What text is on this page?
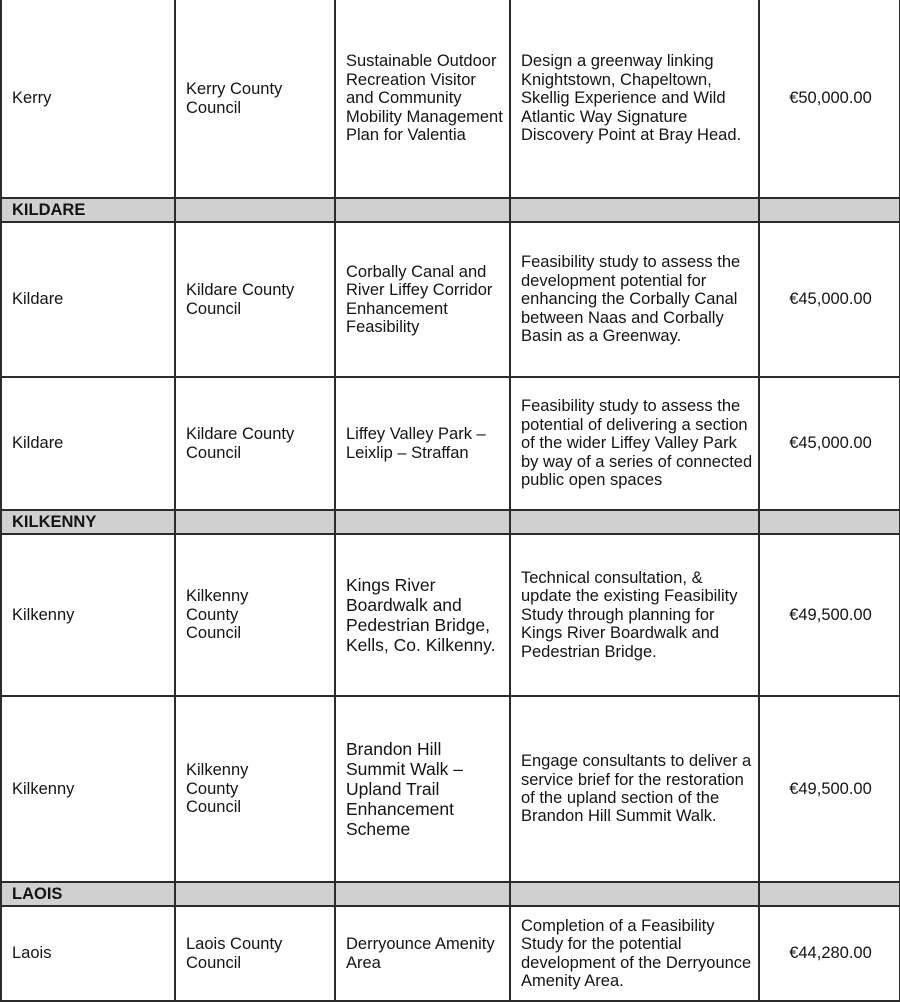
Kerry	Kerry County Council	Sustainable Outdoor Recreation Visitor and Community Mobility Management Plan for Valentia	Design a greenway linking Knightstown, Chapeltown, Skellig Experience and Wild Atlantic Way Signature Discovery Point at Bray Head.	€50,000.00
KILDARE				
Kildare	Kildare County Council	Corbally Canal and River Liffey Corridor Enhancement Feasibility	Feasibility study to assess the development potential for enhancing the Corbally Canal between Naas and Corbally Basin as a Greenway.	€45,000.00
Kildare	Kildare County Council	Liffey Valley Park – Leixlip – Straffan	Feasibility study to assess the potential of delivering a section of the wider Liffey Valley Park by way of a series of connected public open spaces	€45,000.00
KILKENNY				
Kilkenny	Kilkenny County Council	Kings River Boardwalk and Pedestrian Bridge, Kells, Co. Kilkenny.	Technical consultation, & update the existing Feasibility Study through planning for Kings River Boardwalk and Pedestrian Bridge.	€49,500.00
Kilkenny	Kilkenny County Council	Brandon Hill Summit Walk – Upland Trail Enhancement Scheme	Engage consultants to deliver a service brief for the restoration of the upland section of the Brandon Hill Summit Walk.	€49,500.00
LAOIS				
Laois	Laois County Council	Derryounce Amenity Area	Completion of a Feasibility Study for the potential development of the Derryounce Amenity Area.	€44,280.00
